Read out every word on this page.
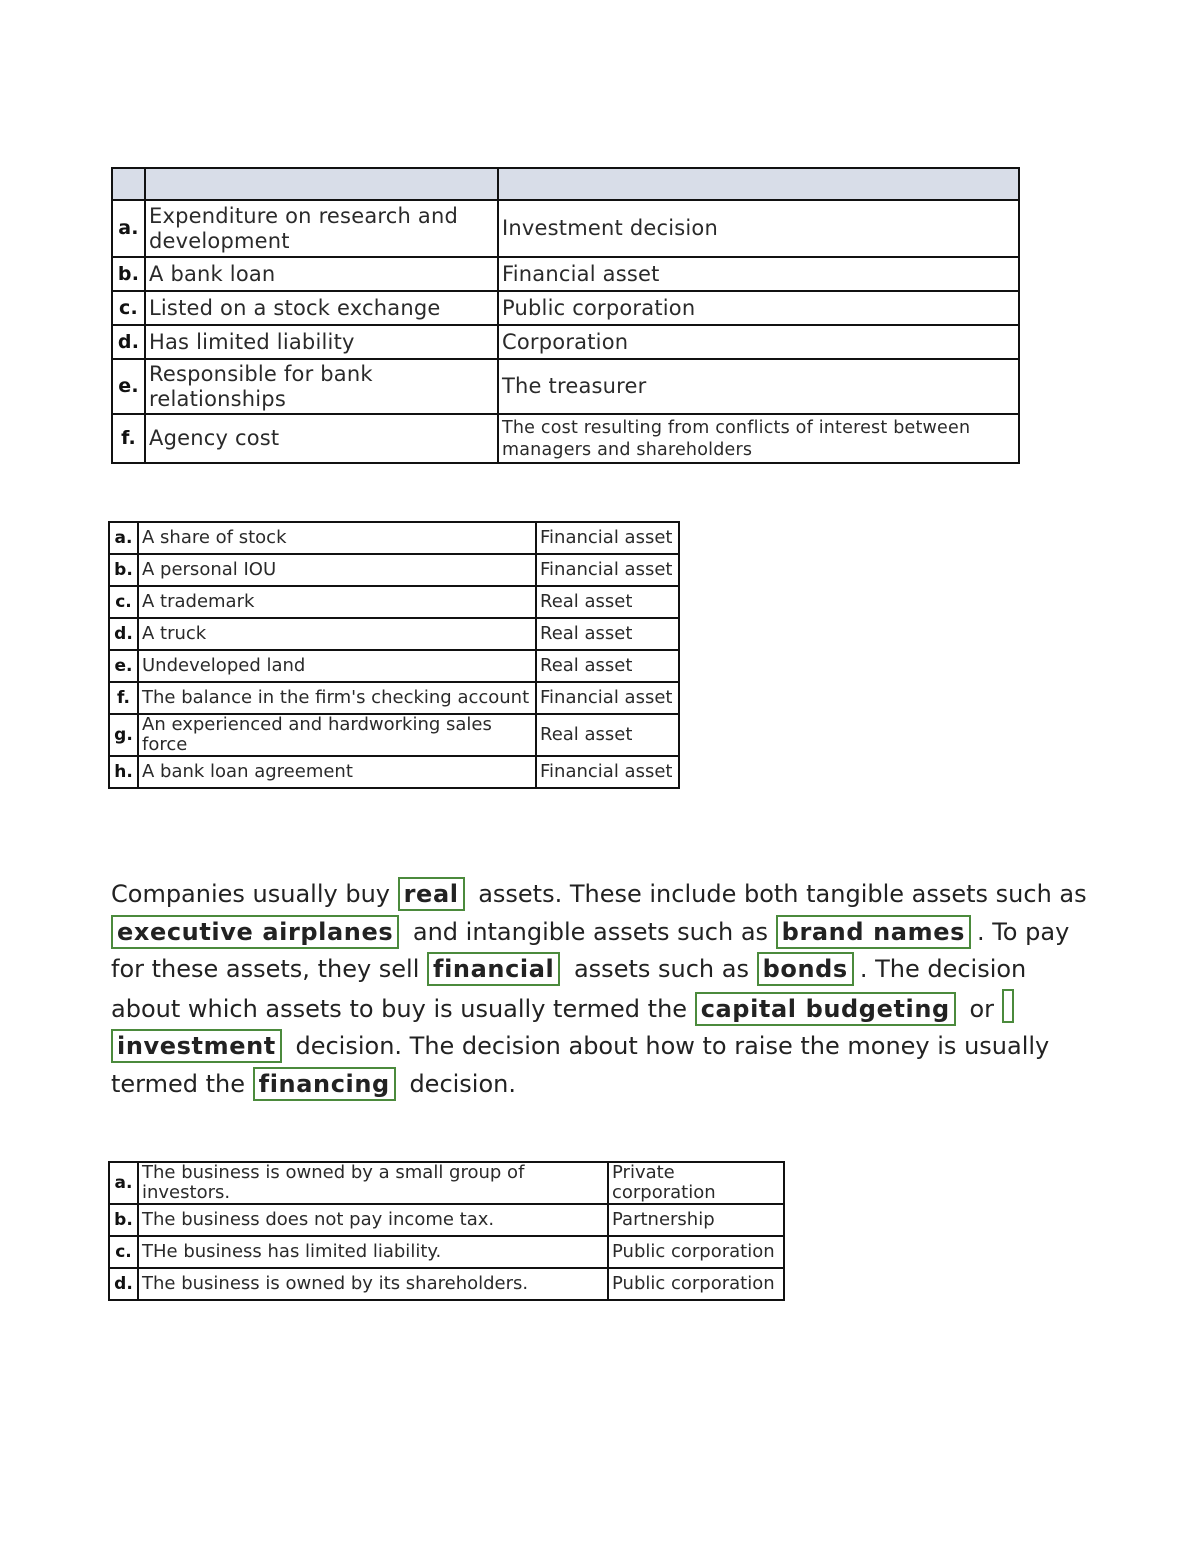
a.	Expenditure on research and development	Investment decision
b.	A bank loan	Financial asset
c.	Listed on a stock exchange	Public corporation
d.	Has limited liability	Corporation
e.	Responsible for bank relationships	The treasurer
f.	Agency cost	The cost resulting from conflicts of interest between managers and shareholders
a.	A share of stock	Financial asset
b.	A personal IOU	Financial asset
c.	A trademark	Real asset
d.	A truck	Real asset
e.	Undeveloped land	Real asset
f.	The balance in the firm's checking account	Financial asset
g.	An experienced and hardworking sales force	Real asset
h.	A bank loan agreement	Financial asset
Companies usually buy real assets. These include both tangible assets such as executive airplanes and intangible assets such as brand names . To pay for these assets, they sell financial assets such as bonds . The decision about which assets to buy is usually termed the capital budgeting or  investment decision. The decision about how to raise the money is usually termed the financing decision.
a.	The business is owned by a small group of investors.	Private corporation
b.	The business does not pay income tax.	Partnership
c.	THe business has limited liability.	Public corporation
d.	The business is owned by its shareholders.	Public corporation
